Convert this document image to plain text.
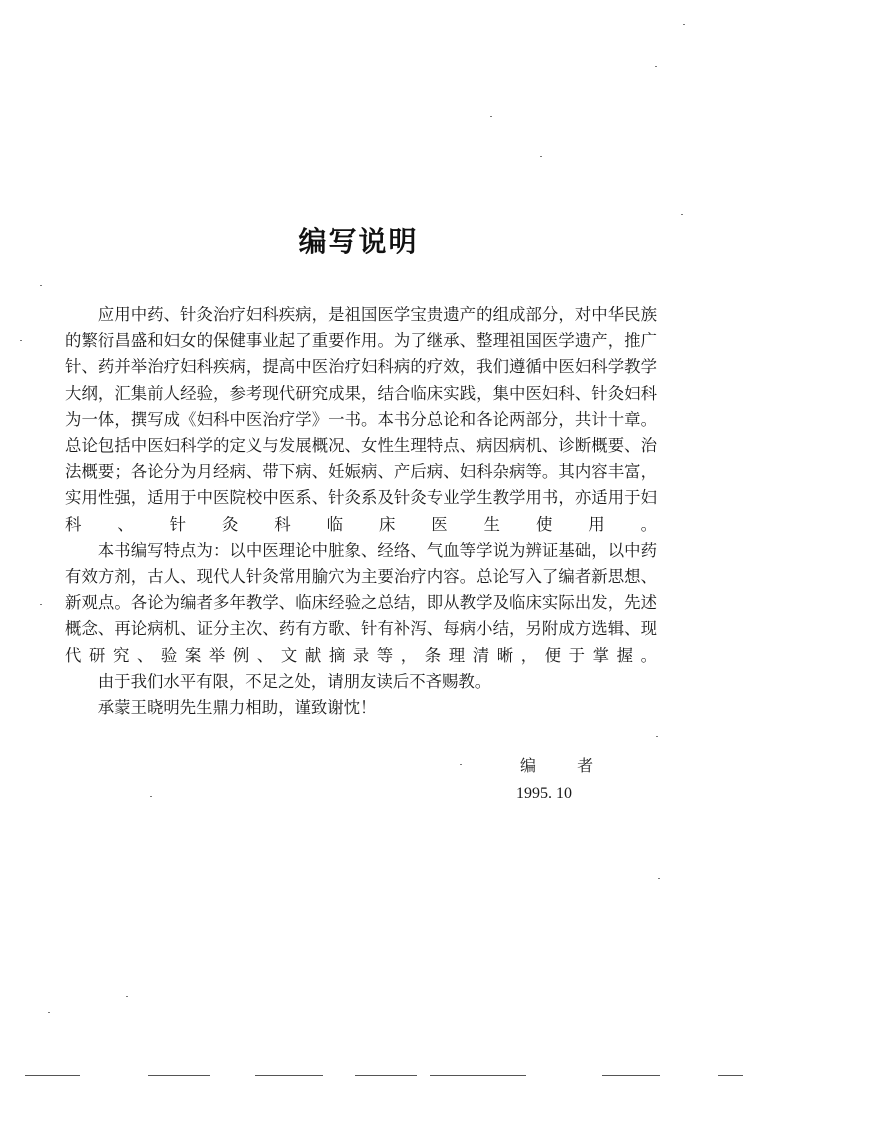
编写说明

应用中药、针灸治疗妇科疾病，是祖国医学宝贵遗产的组成部分，对中华民族的繁衍昌盛和妇女的保健事业起了重要作用。为了继承、整理祖国医学遗产，推广针、药并举治疗妇科疾病，提高中医治疗妇科病的疗效，我们遵循中医妇科学教学大纲，汇集前人经验，参考现代研究成果，结合临床实践，集中医妇科、针灸妇科为一体，撰写成《妇科中医治疗学》一书。本书分总论和各论两部分，共计十章。总论包括中医妇科学的定义与发展概况、女性生理特点、病因病机、诊断概要、治法概要；各论分为月经病、带下病、妊娠病、产后病、妇科杂病等。其内容丰富，实用性强，适用于中医院校中医系、针灸系及针灸专业学生教学用书，亦适用于妇科、针灸科临床医生使用。

本书编写特点为：以中医理论中脏象、经络、气血等学说为辨证基础，以中药有效方剂，古人、现代人针灸常用腧穴为主要治疗内容。总论写入了编者新思想、新观点。各论为编者多年教学、临床经验之总结，即从教学及临床实际出发，先述概念、再论病机、证分主次、药有方歌、针有补泻、每病小结，另附成方选辑、现代研究、验案举例、文献摘录等，条理清晰，便于掌握。

由于我们水平有限，不足之处，请朋友读后不吝赐教。

承蒙王晓明先生鼎力相助，谨致谢忱！

编 者
1995. 10
